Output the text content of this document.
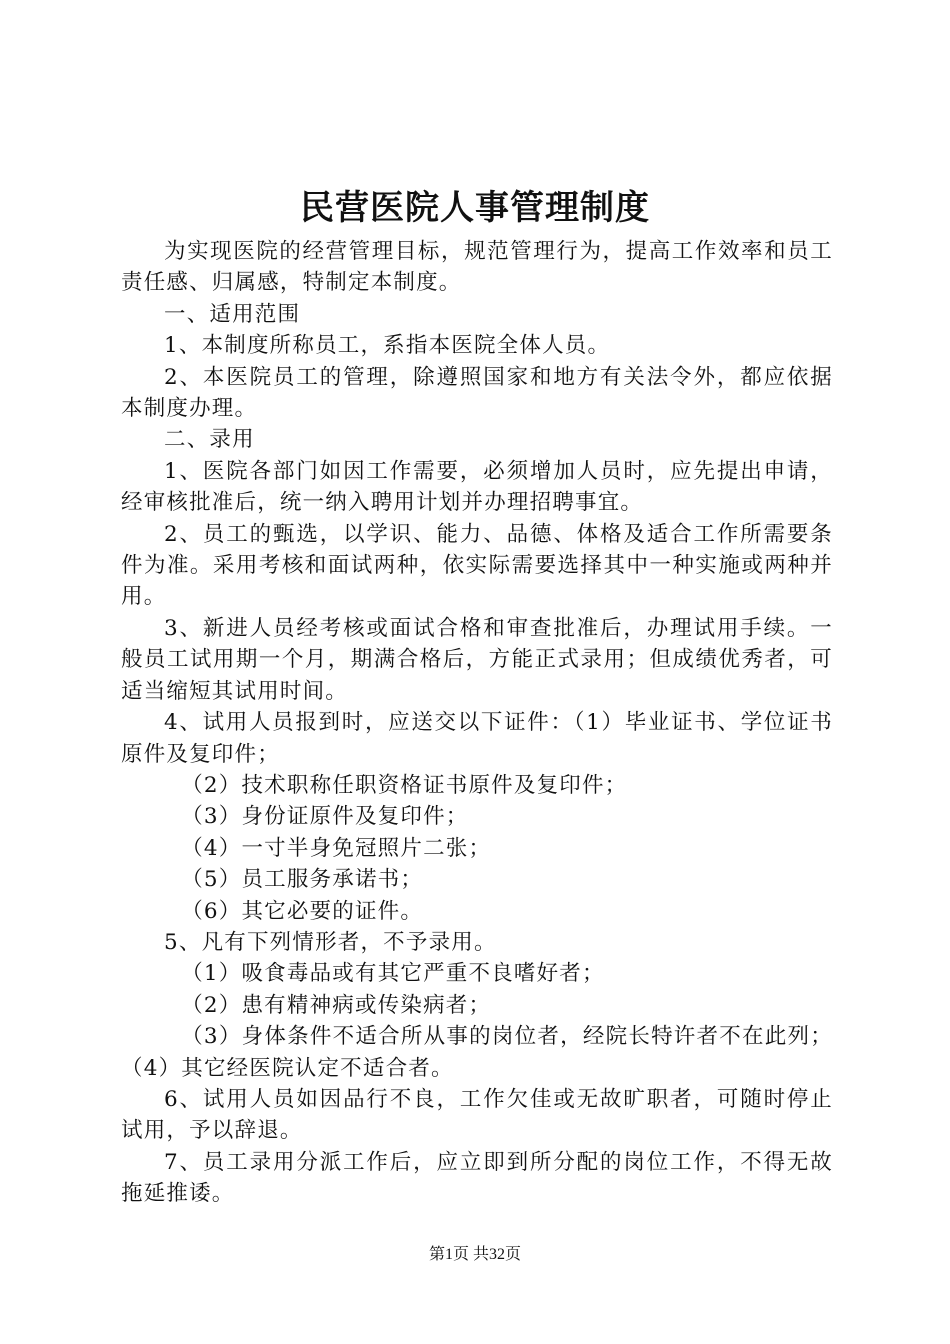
民营医院人事管理制度

为实现医院的经营管理目标，规范管理行为，提高工作效率和员工责任感、归属感，特制定本制度。

一、适用范围

1、本制度所称员工，系指本医院全体人员。

2、本医院员工的管理，除遵照国家和地方有关法令外，都应依据本制度办理。

二、录用

1、医院各部门如因工作需要，必须增加人员时，应先提出申请，经审核批准后，统一纳入聘用计划并办理招聘事宜。

2、员工的甄选，以学识、能力、品德、体格及适合工作所需要条件为准。采用考核和面试两种，依实际需要选择其中一种实施或两种并用。

3、新进人员经考核或面试合格和审查批准后，办理试用手续。一般员工试用期一个月，期满合格后，方能正式录用；但成绩优秀者，可适当缩短其试用时间。

4、试用人员报到时，应送交以下证件：（1）毕业证书、学位证书原件及复印件；

（2）技术职称任职资格证书原件及复印件；

（3）身份证原件及复印件；

（4）一寸半身免冠照片二张；

（5）员工服务承诺书；

（6）其它必要的证件。

5、凡有下列情形者，不予录用。

（1）吸食毒品或有其它严重不良嗜好者；

（2）患有精神病或传染病者；

（3）身体条件不适合所从事的岗位者，经院长特许者不在此列；（4）其它经医院认定不适合者。

6、试用人员如因品行不良，工作欠佳或无故旷职者，可随时停止试用，予以辞退。

7、员工录用分派工作后，应立即到所分配的岗位工作，不得无故拖延推诿。

第1页 共32页
